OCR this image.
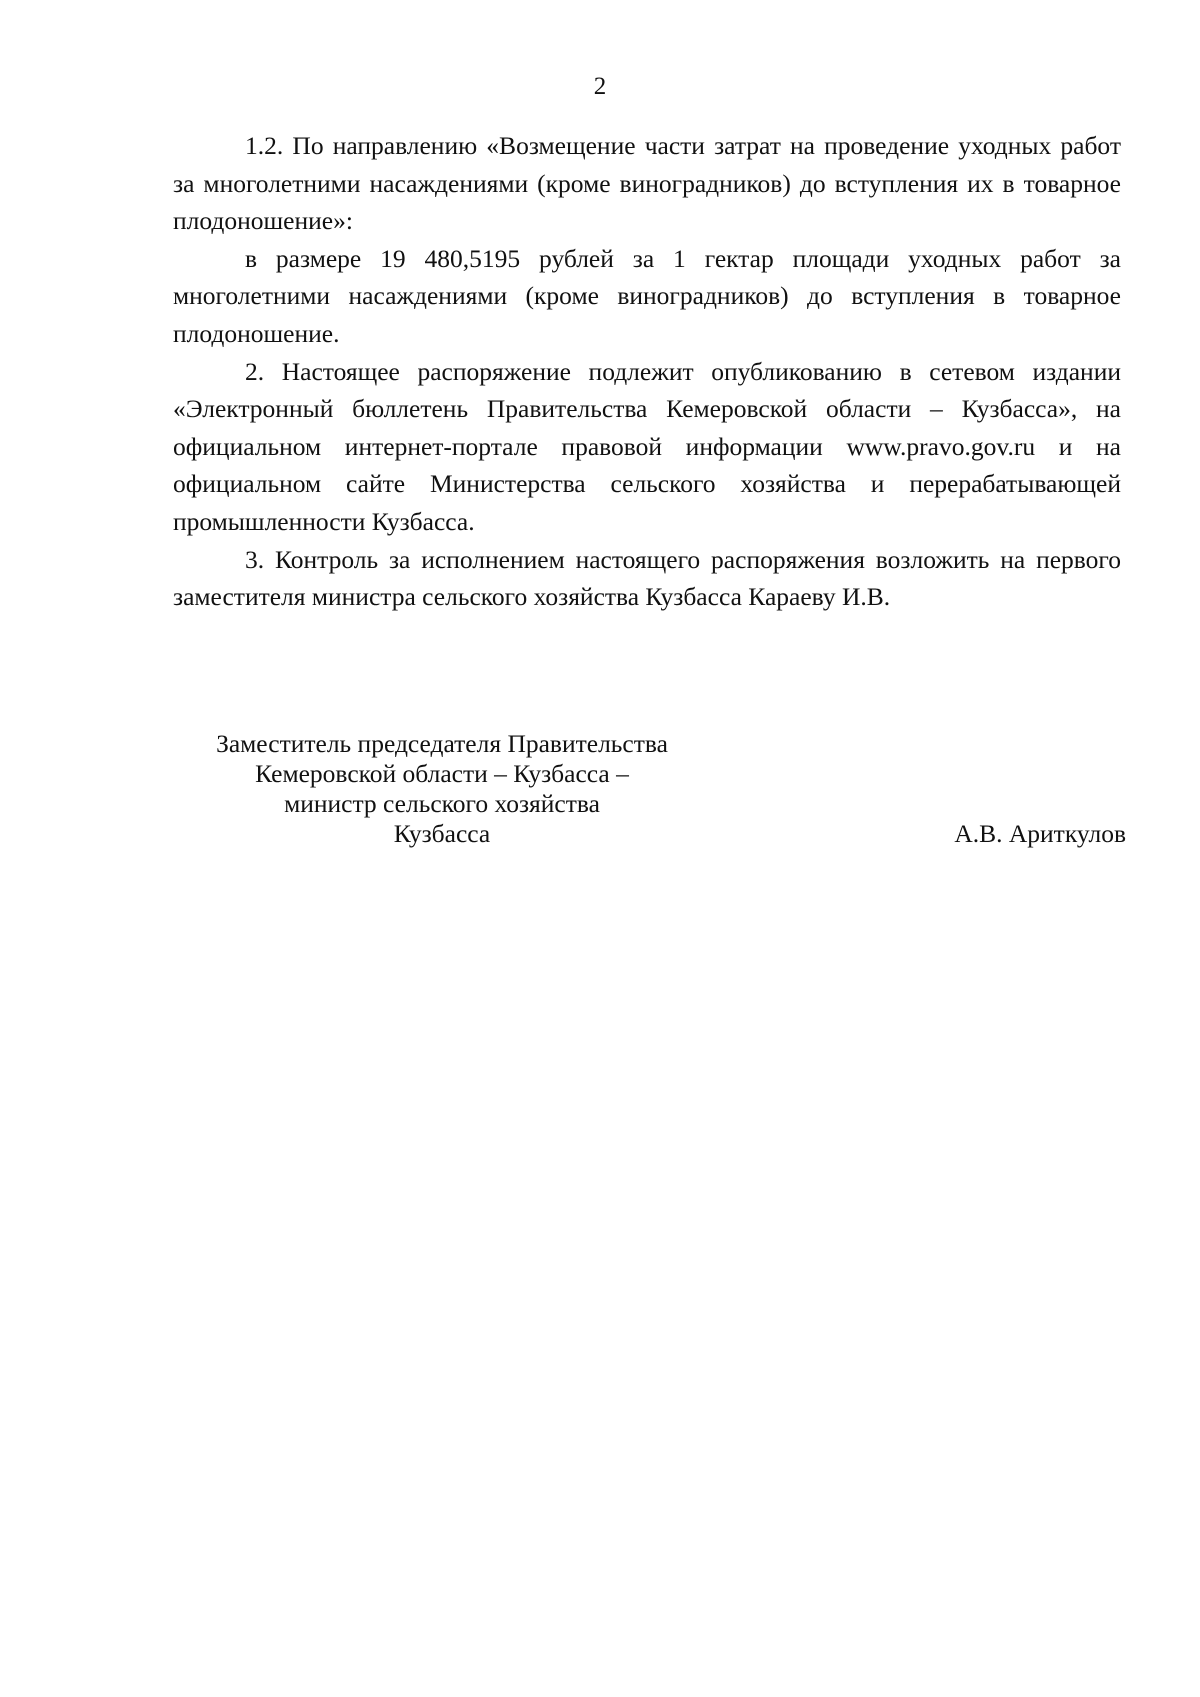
2

1.2. По направлению «Возмещение части затрат на проведение уходных работ за многолетними насаждениями (кроме виноградников) до вступления их в товарное плодоношение»:

в размере 19 480,5195 рублей за 1 гектар площади уходных работ за многолетними насаждениями (кроме виноградников) до вступления в товарное плодоношение.

2. Настоящее распоряжение подлежит опубликованию в сетевом издании «Электронный бюллетень Правительства Кемеровской области – Кузбасса», на официальном интернет-портале правовой информации www.pravo.gov.ru и на официальном сайте Министерства сельского хозяйства и перерабатывающей промышленности Кузбасса.

3. Контроль за исполнением настоящего распоряжения возложить на первого заместителя министра сельского хозяйства Кузбасса Караеву И.В.

Заместитель председателя Правительства
Кемеровской области – Кузбасса –
министр сельского хозяйства
Кузбасса	А.В. Ариткулов
